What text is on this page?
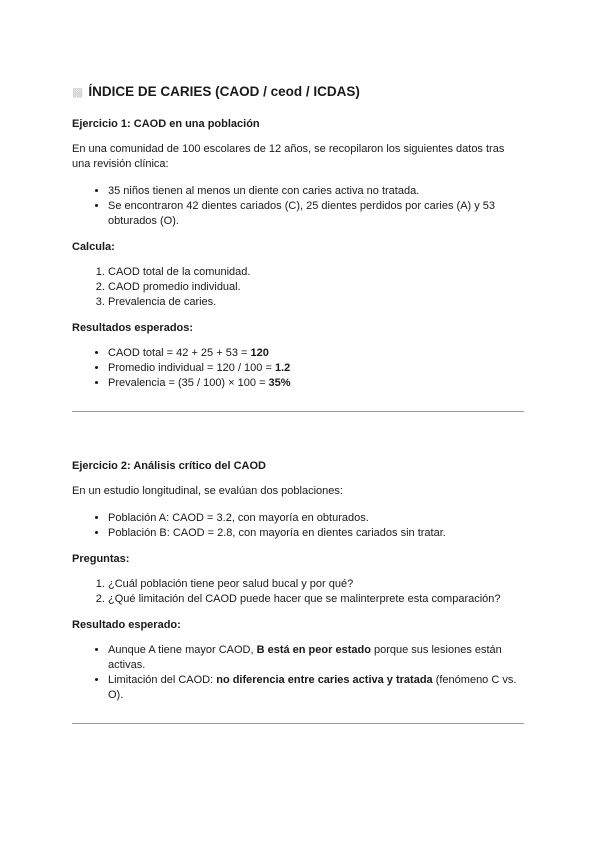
▩ ÍNDICE DE CARIES (CAOD / ceod / ICDAS)
Ejercicio 1: CAOD en una población
En una comunidad de 100 escolares de 12 años, se recopilaron los siguientes datos tras una revisión clínica:
• 35 niños tienen al menos un diente con caries activa no tratada.
• Se encontraron 42 dientes cariados (C), 25 dientes perdidos por caries (A) y 53 obturados (O).
Calcula:
1. CAOD total de la comunidad.
2. CAOD promedio individual.
3. Prevalencia de caries.
Resultados esperados:
• CAOD total = 42 + 25 + 53 = 120
• Promedio individual = 120 / 100 = 1.2
• Prevalencia = (35 / 100) × 100 = 35%
Ejercicio 2: Análisis crítico del CAOD
En un estudio longitudinal, se evalúan dos poblaciones:
• Población A: CAOD = 3.2, con mayoría en obturados.
• Población B: CAOD = 2.8, con mayoría en dientes cariados sin tratar.
Preguntas:
1. ¿Cuál población tiene peor salud bucal y por qué?
2. ¿Qué limitación del CAOD puede hacer que se malinterprete esta comparación?
Resultado esperado:
• Aunque A tiene mayor CAOD, B está en peor estado porque sus lesiones están activas.
• Limitación del CAOD: no diferencia entre caries activa y tratada (fenómeno C vs. O).
